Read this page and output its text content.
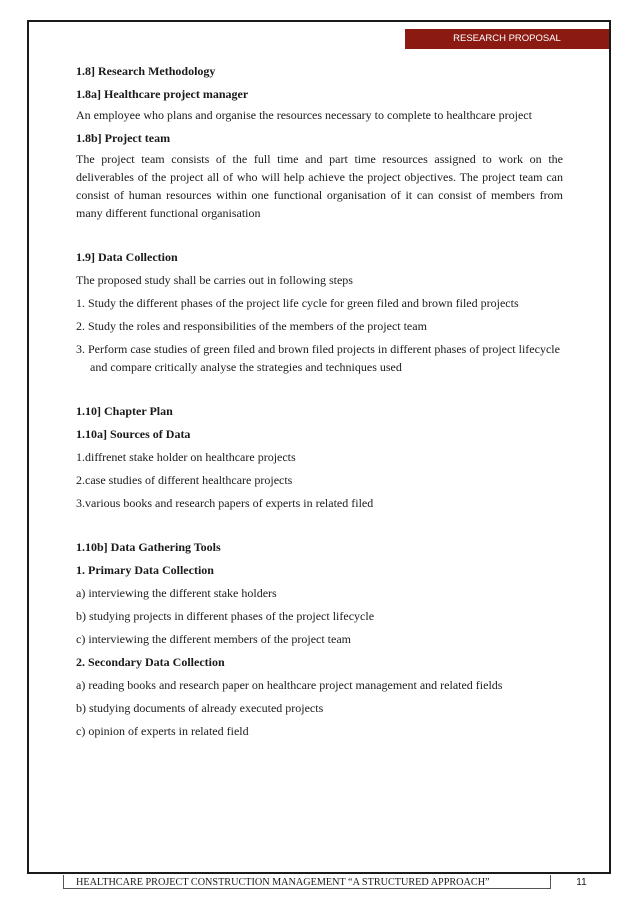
RESEARCH PROPOSAL

1.8] Research Methodology

1.8a] Healthcare project manager

An employee who plans and organise the resources necessary to complete to healthcare project

1.8b] Project team

The project team consists of the full time and part time resources assigned to work on the deliverables of the project all of who will help achieve the project objectives. The project team can consist of human resources within one functional organisation of it can consist of members from many different functional organisation

1.9] Data Collection

The proposed study shall be carries out in following steps

1. Study the different phases of the project life cycle for green filed and brown filed projects

2. Study the roles and responsibilities of the members of the project team

3. Perform case studies of green filed and brown filed projects in different phases of project lifecycle and compare critically analyse the strategies and techniques used

1.10] Chapter Plan

1.10a] Sources of Data

1.diffrenet stake holder on healthcare projects

2.case studies of different healthcare projects

3.various books and research papers of experts in related filed

1.10b] Data Gathering Tools

1. Primary Data Collection

a) interviewing the different stake holders

b) studying projects in different phases of the project lifecycle

c) interviewing the different members of the project team

2. Secondary Data Collection

a) reading books and research paper on healthcare project management and related fields

b) studying documents of already executed projects

c) opinion of experts in related field

HEALTHCARE PROJECT CONSTRUCTION MANAGEMENT “A STRUCTURED APPROACH”	11
